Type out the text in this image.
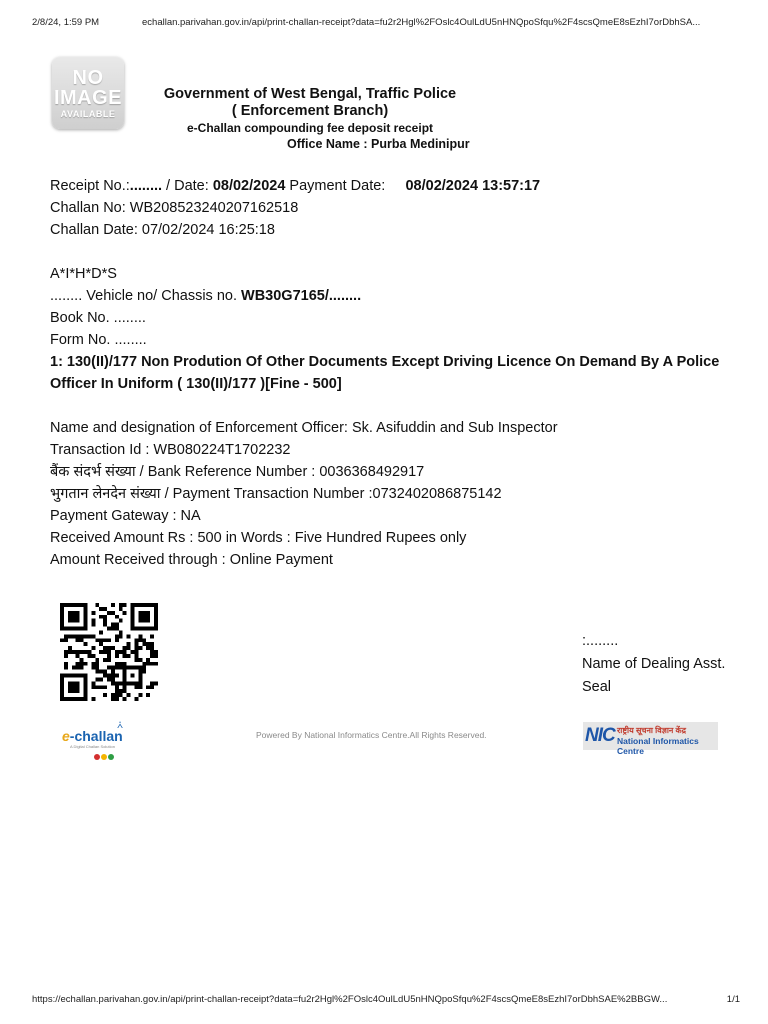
2/8/24, 1:59 PM	echallan.parivahan.gov.in/api/print-challan-receipt?data=fu2r2Hgl%2FOslc4OulLdU5nHNQpoSfqu%2F4scsQmeE8sEzhI7orDbhSA...
NO
IMAGE
AVAILABLE
Government of West Bengal, Traffic Police
( Enforcement Branch)
e-Challan compounding fee deposit receipt
Office Name : Purba Medinipur
Receipt No.:........ / Date: 08/02/2024 Payment Date:     08/02/2024 13:57:17
Challan No: WB208523240207162518
Challan Date: 07/02/2024 16:25:18
A*I*H*D*S
........ Vehicle no/ Chassis no. WB30G7165/........
Book No. ........
Form No. ........
1: 130(II)/177 Non Prodution Of Other Documents Except Driving Licence On Demand By A Police Officer In Uniform ( 130(II)/177 )[Fine - 500]
Name and designation of Enforcement Officer: Sk. Asifuddin and Sub Inspector
Transaction Id : WB080224T1702232
बैंक संदर्भ संख्या / Bank Reference Number : 0036368492917
भुगतान लेनदेन संख्या / Payment Transaction Number :0732402086875142
Payment Gateway : NA
Received Amount Rs : 500 in Words : Five Hundred Rupees only
Amount Received through : Online Payment
:........
Name of Dealing Asst.
Seal
⩑
e-challan
A Digital Challan Solution
Powered By National Informatics Centre.All Rights Reserved.	NIC राष्ट्रीय सूचना विज्ञान केंद्र
National Informatics Centre
https://echallan.parivahan.gov.in/api/print-challan-receipt?data=fu2r2Hgl%2FOslc4OulLdU5nHNQpoSfqu%2F4scsQmeE8sEzhI7orDbhSAE%2BBGW...	1/1
